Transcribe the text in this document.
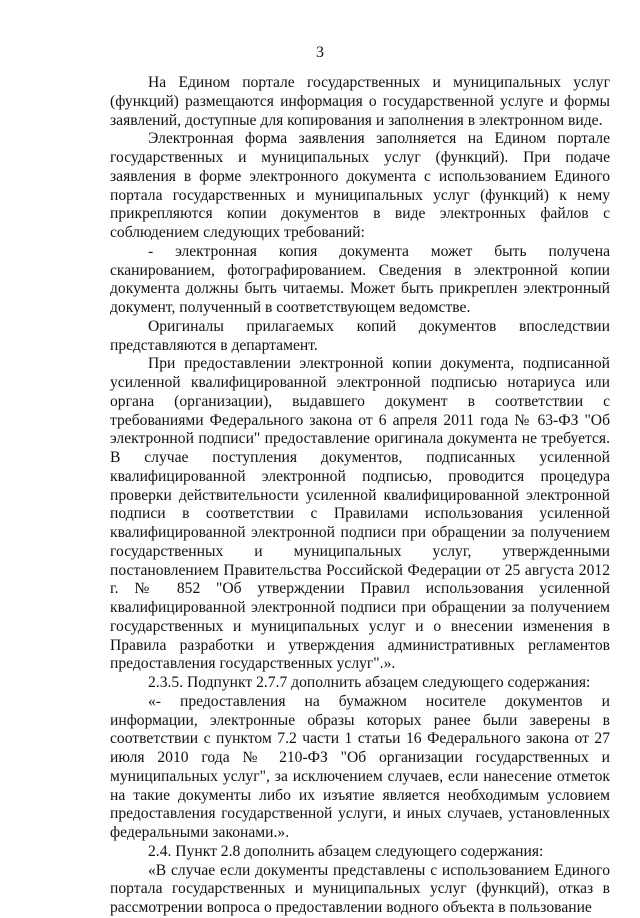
3

На Едином портале государственных и муниципальных услуг (функций) размещаются информация о государственной услуге и формы заявлений, доступные для копирования и заполнения в электронном виде.

Электронная форма заявления заполняется на Едином портале государственных и муниципальных услуг (функций). При подаче заявления в форме электронного документа с использованием Единого портала государственных и муниципальных услуг (функций) к нему прикрепляются копии документов в виде электронных файлов с соблюдением следующих требований:

- электронная копия документа может быть получена сканированием, фотографированием. Сведения в электронной копии документа должны быть читаемы. Может быть прикреплен электронный документ, полученный в соответствующем ведомстве.

Оригиналы прилагаемых копий документов впоследствии представляются в департамент.

При предоставлении электронной копии документа, подписанной усиленной квалифицированной электронной подписью нотариуса или органа (организации), выдавшего документ в соответствии с требованиями Федерального закона от 6 апреля 2011 года № 63-ФЗ "Об электронной подписи" предоставление оригинала документа не требуется. В случае поступления документов, подписанных усиленной квалифицированной электронной подписью, проводится процедура проверки действительности усиленной квалифицированной электронной подписи в соответствии с Правилами использования усиленной квалифицированной электронной подписи при обращении за получением государственных и муниципальных услуг, утвержденными постановлением Правительства Российской Федерации от 25 августа 2012 г. № 852 "Об утверждении Правил использования усиленной квалифицированной электронной подписи при обращении за получением государственных и муниципальных услуг и о внесении изменения в Правила разработки и утверждения административных регламентов предоставления государственных услуг".».

2.3.5. Подпункт 2.7.7 дополнить абзацем следующего содержания:

«- предоставления на бумажном носителе документов и информации, электронные образы которых ранее были заверены в соответствии с пунктом 7.2 части 1 статьи 16 Федерального закона от 27 июля 2010 года № 210-ФЗ "Об организации государственных и муниципальных услуг", за исключением случаев, если нанесение отметок на такие документы либо их изъятие является необходимым условием предоставления государственной услуги, и иных случаев, установленных федеральными законами.».

2.4. Пункт 2.8 дополнить абзацем следующего содержания:

«В случае если документы представлены с использованием Единого портала государственных и муниципальных услуг (функций), отказ в рассмотрении вопроса о предоставлении водного объекта в пользование
